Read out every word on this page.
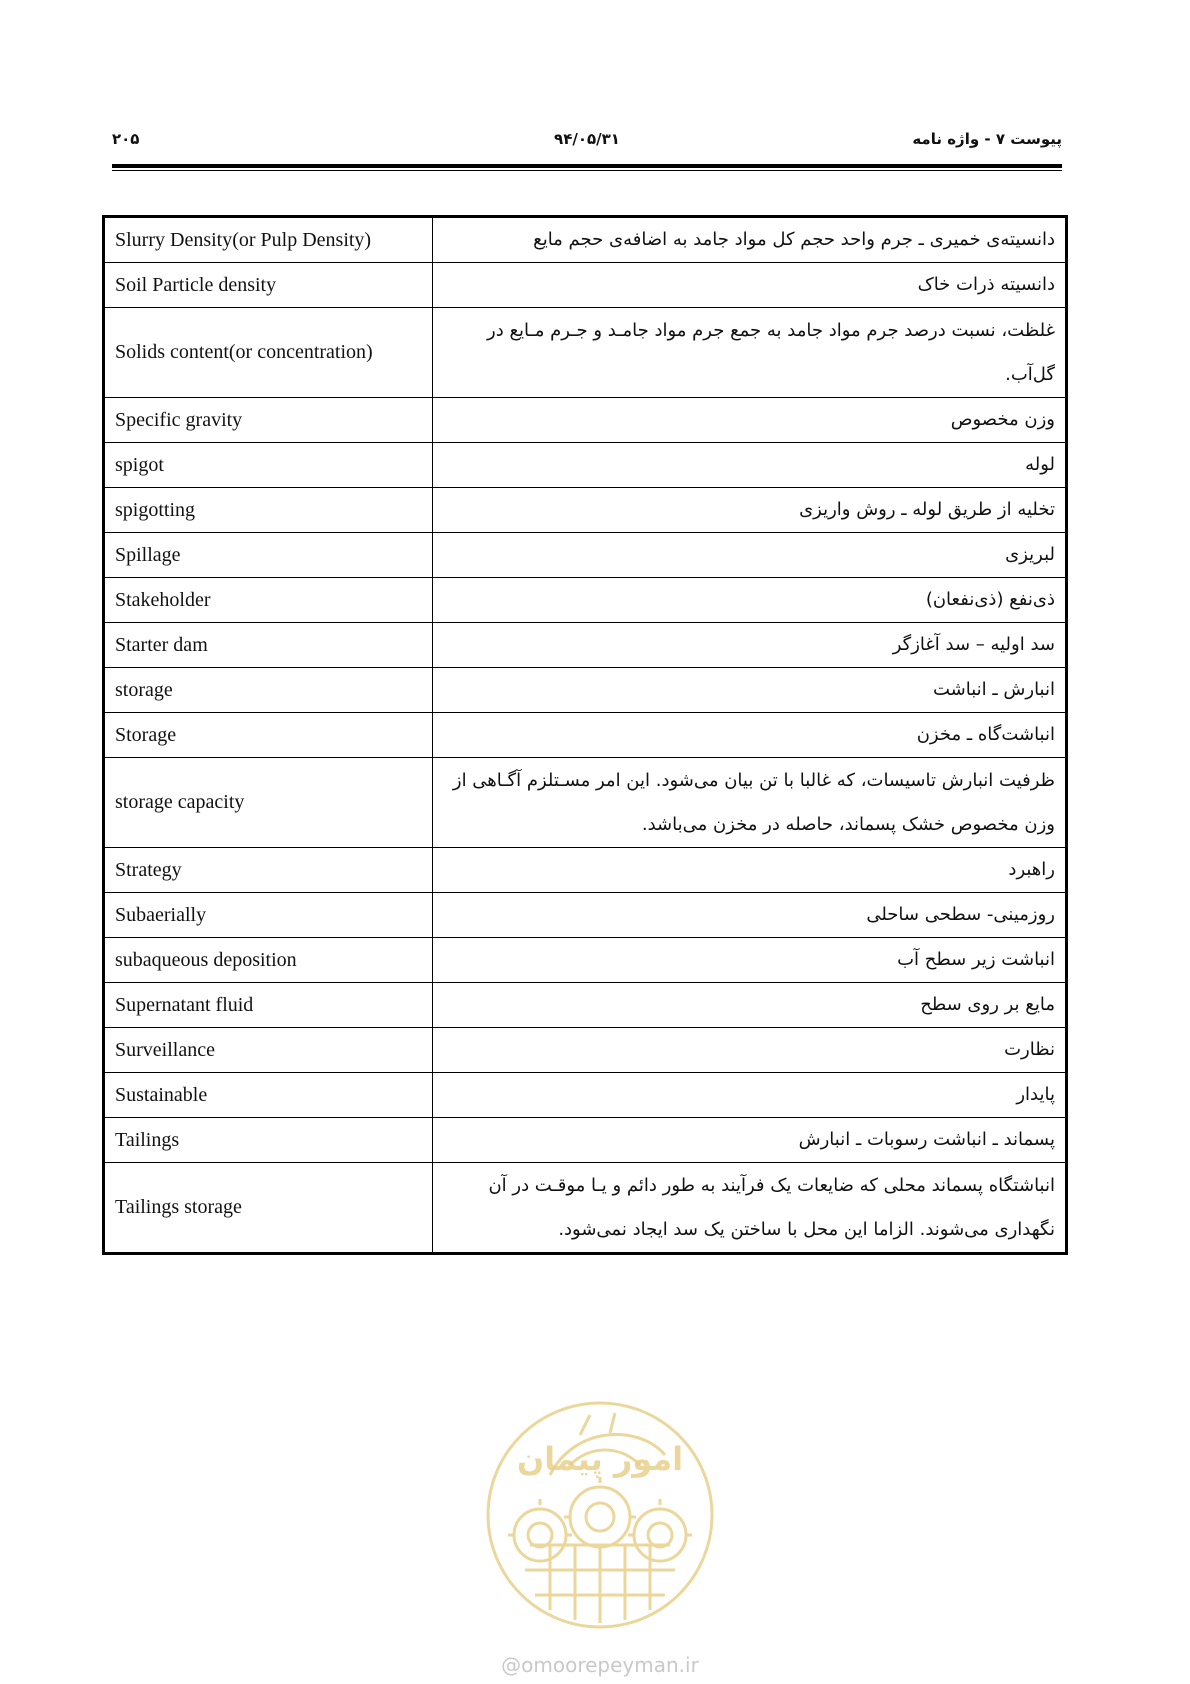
پیوست ۷ - واژه نامه
۹۴/۰۵/۳۱
۲۰۵
Slurry Density(or Pulp Density)	دانسیته‌ی خمیری ـ جرم واحد حجم کل مواد جامد به اضافه‌ی حجم مایع
Soil Particle density	دانسیته ذرات خاک
Solids content(or concentration)	غلظت، نسبت درصد جرم مواد جامد به جمع جرم مواد جامـد و جـرم مـایع در گل‌آب.
Specific gravity	وزن مخصوص
spigot	لوله
spigotting	تخلیه از طریق لوله ـ روش واریزی
Spillage	لبریزی
Stakeholder	ذی‌نفع (ذی‌نفعان)
Starter dam	سد اولیه – سد آغازگر
storage	انبارش ـ انباشت
Storage	انباشت‌گاه ـ مخزن
storage capacity	ظرفیت انبارش تاسیسات، که غالبا با تن بیان می‌شود. این امر مسـتلزم آگـاهی از وزن مخصوص خشک پسماند، حاصله در مخزن می‌باشد.
Strategy	راهبرد
Subaerially	روزمینی- سطحی ساحلی
subaqueous deposition	انباشت زیر سطح آب
Supernatant fluid	مایع بر روی سطح
Surveillance	نظارت
Sustainable	پایدار
Tailings	پسماند ـ انباشت رسوبات ـ انبارش
Tailings storage	انباشتگاه پسماند محلی که ضایعات یک فرآیند به طور دائم و یـا موقـت در آن نگهداری می‌شوند. الزاما این محل با ساختن یک سد ایجاد نمی‌شود.
امور پیمان
@omoorepeyman.ir
